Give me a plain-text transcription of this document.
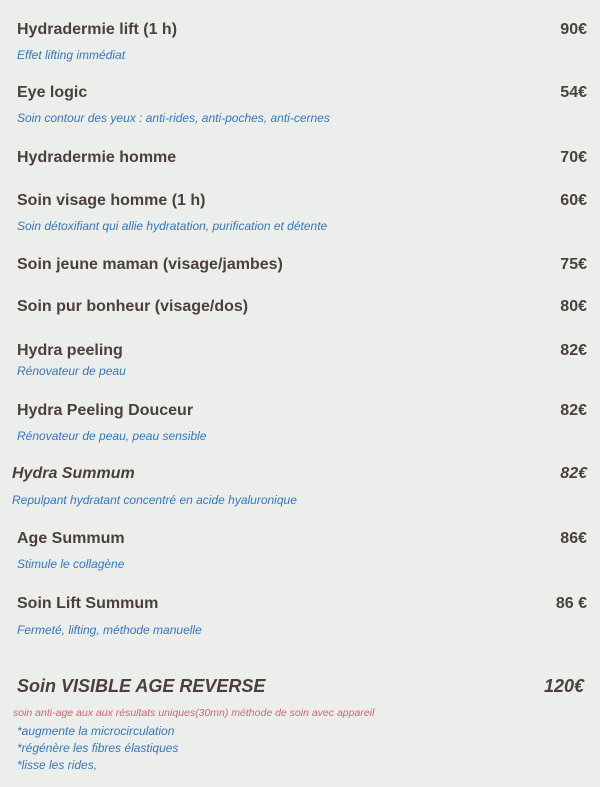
Hydradermie lift (1 h)	90€
Effet lifting immédiat
Eye logic	54€
Soin contour des yeux : anti-rides, anti-poches, anti-cernes
Hydradermie homme	70€
Soin visage homme (1 h)	60€
Soin détoxifiant qui allie hydratation, purification et détente
Soin jeune maman (visage/jambes)	75€
Soin pur bonheur (visage/dos)	80€
Hydra peeling	82€
Rénovateur de peau
Hydra Peeling Douceur	82€
Rénovateur de peau, peau sensible
Hydra Summum	82€
Repulpant hydratant concentré en acide hyaluronique
Age Summum	86€
Stimule le collagène
Soin Lift Summum	86 €
Fermeté, lifting, méthode manuelle
Soin VISIBLE AGE REVERSE	120€
soin anti-age aux aux résultats uniques(30mn) méthode de soin avec appareil
*augmente la microcirculation
*régénère les fibres élastiques
*lisse les rides,
